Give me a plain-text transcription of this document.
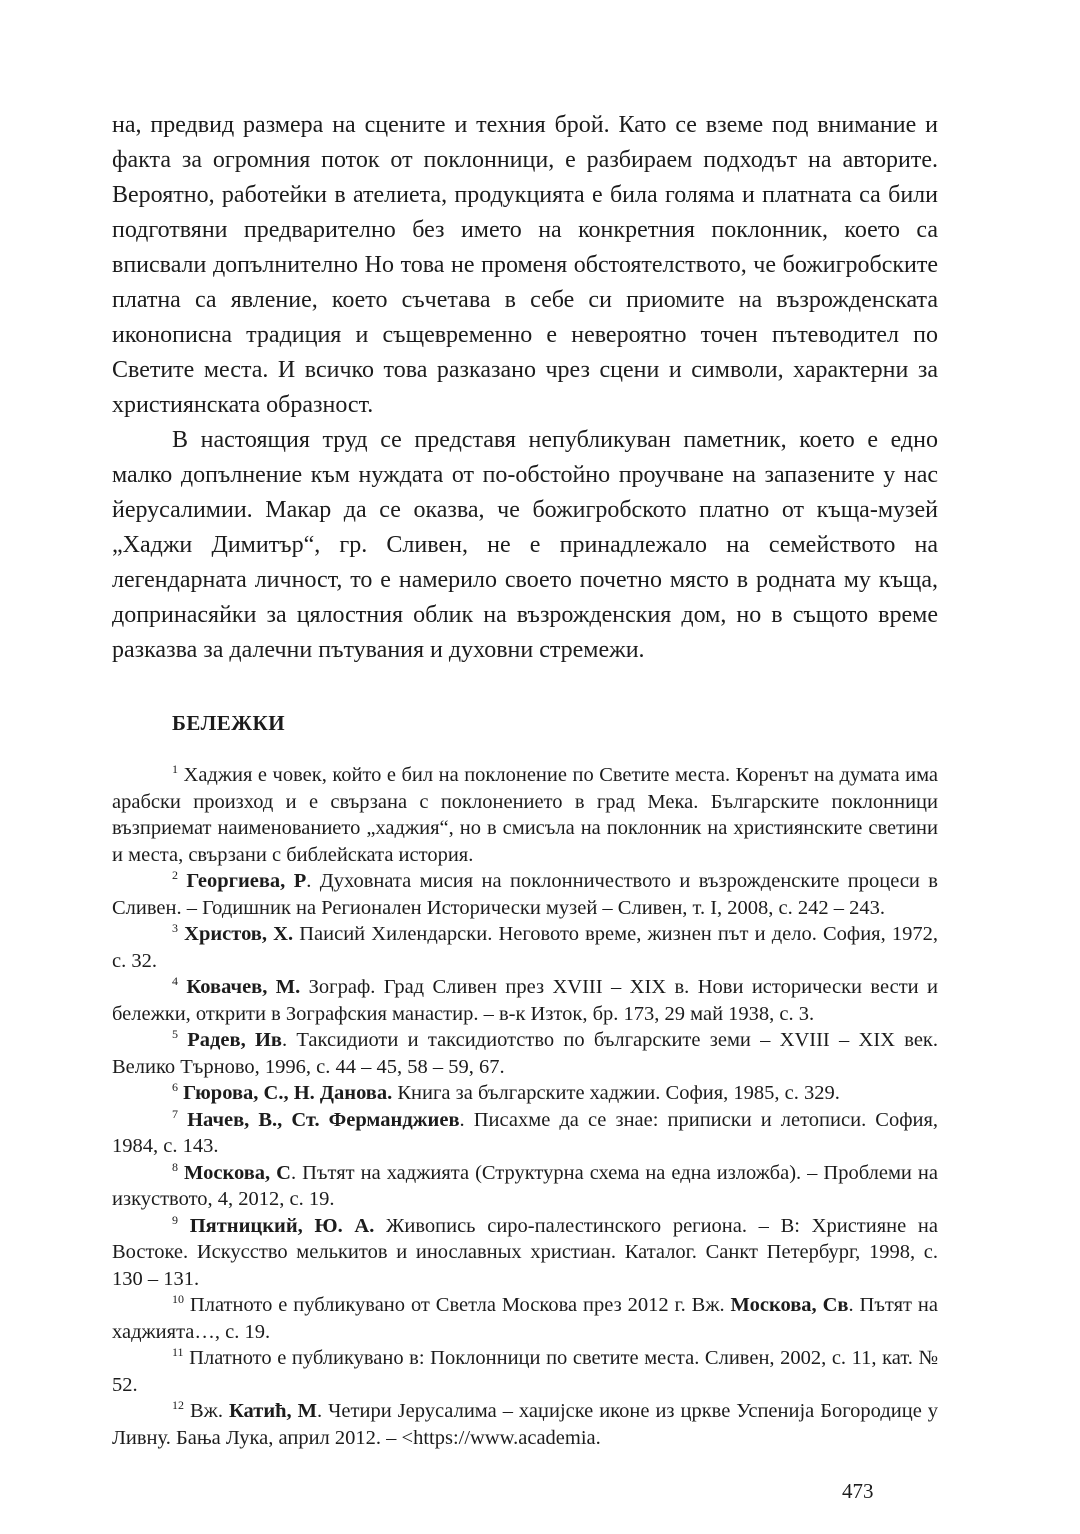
на, предвид размера на сцените и техния брой. Като се вземе под внимание и факта за огромния поток от поклонници, е разбираем подходът на авторите. Вероятно, работейки в ателиета, продукцията е била голяма и платната са били подготвяни предварително без името на конкретния поклонник, което са вписвали допълнително Но това не променя обстоятелството, че божигробските платна са явление, което съчетава в себе си приомите на възрожденската иконописна традиция и същевременно е невероятно точен пътеводител по Светите места. И всичко това разказано чрез сцени и символи, характерни за християнската образност.

В настоящия труд се представя непубликуван паметник, което е едно малко допълнение към нуждата от по-обстойно проучване на запазените у нас йерусалимии. Макар да се оказва, че божигробското платно от къща-музей „Хаджи Димитър“, гр. Сливен, не е принадлежало на семейството на легендарната личност, то е намерило своето почетно място в родната му къща, допринасяйки за цялостния облик на възрожденския дом, но в същото време разказва за далечни пътувания и духовни стремежи.

БЕЛЕЖКИ

$^1$ Хаджия е човек, който е бил на поклонение по Светите места. Коренът на думата има арабски произход и е свързана с поклонението в град Мека. Българските поклонници възприемат наименованието „хаджия“, но в смисъла на поклонник на християнските светини и места, свързани с библейската история.

$^2$ Георгиева, Р. Духовната мисия на поклонничеството и възрожденските процеси в Сливен. – Годишник на Регионален Исторически музей – Сливен, т. I, 2008, с. 242 – 243.

$^3$ Христов, Х. Паисий Хилендарски. Неговото време, жизнен път и дело. София, 1972, с. 32.

$^4$ Ковачев, М. Зограф. Град Сливен през XVIII – XIX в. Нови исторически вести и бележки, открити в Зографския манастир. – в-к Изток, бр. 173, 29 май 1938, с. 3.

$^5$ Радев, Ив. Таксидиоти и таксидиотство по българските земи – XVIII – XIX век. Велико Търново, 1996, с. 44 – 45, 58 – 59, 67.

$^6$ Гюрова, С., Н. Данова. Книга за българските хаджии. София, 1985, с. 329.

$^7$ Начев, В., Ст. Ферманджиев. Писахме да се знае: приписки и летописи. София, 1984, с. 143.

$^8$ Москова, С. Пътят на хаджията (Структурна схема на една изложба). – Проблеми на изкуството, 4, 2012, с. 19.

$^9$ Пятницкий, Ю. А. Живопись сиро-палестинского региона. – В: Християне на Востоке. Искусство мелькитов и инославных христиан. Каталог. Санкт Петербург, 1998, с. 130 – 131.

$^{10}$ Платното е публикувано от Светла Москова през 2012 г. Вж. Москова, Св. Пътят на хаджията…, с. 19.

$^{11}$ Платното е публикувано в: Поклонници по светите места. Сливен, 2002, с. 11, кат. № 52.

$^{12}$ Вж. Катић, М. Четири Јерусалима – хаџијске иконе из цркве Успенија Богородице у Ливну. Бања Лука, април 2012. – <https://www.academia.

473
